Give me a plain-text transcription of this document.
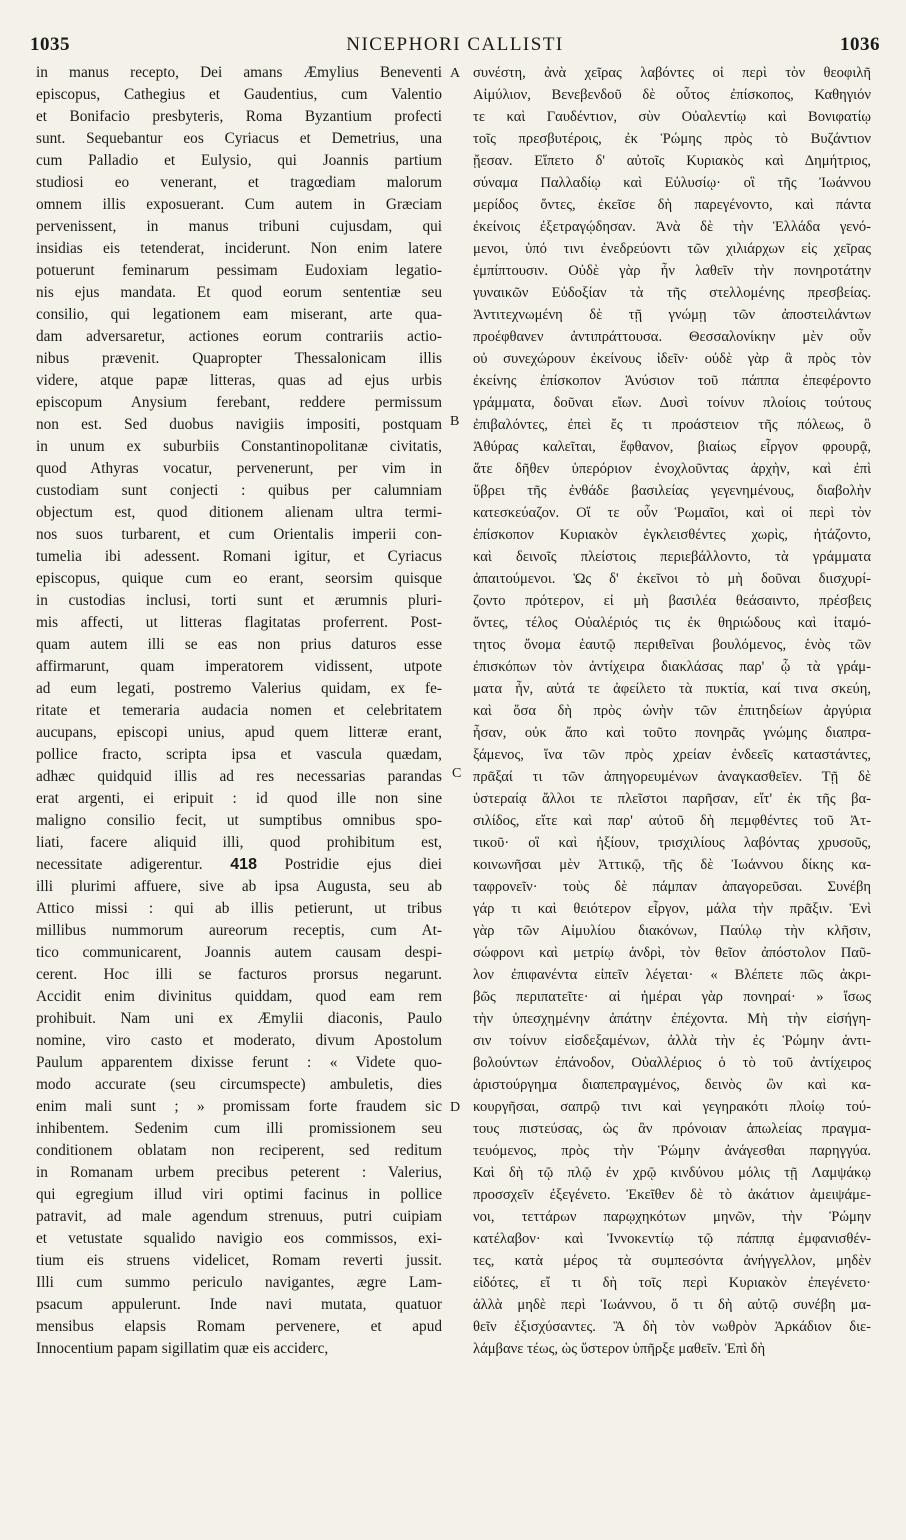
1035	NICEPHORI CALLISTI	1036
A
B
C
D
in manus recepto, Dei amans Æmylius Beneventi
episcopus, Cathegius et Gaudentius, cum Valentio
et Bonifacio presbyteris, Roma Byzantium profecti
sunt. Sequebantur eos Cyriacus et Demetrius, una
cum Palladio et Eulysio, qui Joannis partium
studiosi eo venerant, et tragœdiam malorum
omnem illis exposuerant. Cum autem in Græciam
pervenissent, in manus tribuni cujusdam, qui
insidias eis tetenderat, inciderunt. Non enim latere
potuerunt feminarum pessimam Eudoxiam legatio-
nis ejus mandata. Et quod eorum sententiæ seu
consilio, qui legationem eam miserant, arte qua-
dam adversaretur, actiones eorum contrariis actio-
nibus prævenit. Quapropter Thessalonicam illis
videre, atque papæ litteras, quas ad ejus urbis
episcopum Anysium ferebant, reddere permissum
non est. Sed duobus navigiis impositi, postquam
in unum ex suburbiis Constantinopolitanæ civitatis,
quod Athyras vocatur, pervenerunt, per vim in
custodiam sunt conjecti : quibus per calumniam
objectum est, quod ditionem alienam ultra termi-
nos suos turbarent, et cum Orientalis imperii con-
tumelia ibi adessent. Romani igitur, et Cyriacus
episcopus, quique cum eo erant, seorsim quisque
in custodias inclusi, torti sunt et ærumnis pluri-
mis affecti, ut litteras flagitatas proferrent. Post-
quam autem illi se eas non prius daturos esse
affirmarunt, quam imperatorem vidissent, utpote
ad eum legati, postremo Valerius quidam, ex fe-
ritate et temeraria audacia nomen et celebritatem
aucupans, episcopi unius, apud quem litteræ erant,
pollice fracto, scripta ipsa et vascula quædam,
adhæc quidquid illis ad res necessarias parandas
erat argenti, ei eripuit : id quod ille non sine
maligno consilio fecit, ut sumptibus omnibus spo-
liati, facere aliquid illi, quod prohibitum est,
necessitate adigerentur. 418 Postridie ejus diei
illi plurimi affuere, sive ab ipsa Augusta, seu ab
Attico missi : qui ab illis petierunt, ut tribus
millibus nummorum aureorum receptis, cum At-
tico communicarent, Joannis autem causam despi-
cerent. Hoc illi se facturos prorsus negarunt.
Accidit enim divinitus quiddam, quod eam rem
prohibuit. Nam uni ex Æmylii diaconis, Paulo
nomine, viro casto et moderato, divum Apostolum
Paulum apparentem dixisse ferunt : « Videte quo-
modo accurate (seu circumspecte) ambuletis, dies
enim mali sunt ; » promissam forte fraudem sic
inhibentem. Sedenim cum illi promissionem seu
conditionem oblatam non reciperent, sed reditum
in Romanam urbem precibus peterent : Valerius,
qui egregium illud viri optimi facinus in pollice
patravit, ad male agendum strenuus, putri cuipiam
et vetustate squalido navigio eos commissos, exi-
tium eis struens videlicet, Romam reverti jussit.
Illi cum summo periculo navigantes, ægre Lam-
psacum appulerunt. Inde navi mutata, quatuor
mensibus elapsis Romam pervenere, et apud
Innocentium papam sigillatim quæ eis acciderc,
συνέστη, ἀνὰ χεῖρας λαβόντες οἱ περὶ τὸν θεοφιλῆ
Αἰμύλιον, Βενεβενδοῦ δὲ οὗτος ἐπίσκοπος, Καθηγιόν
τε καὶ Γαυδέντιον, σὺν Οὐαλεντίῳ καὶ Βονιφατίῳ
τοῖς πρεσβυτέροις, ἐκ Ῥώμης πρὸς τὸ Βυζάντιον
ᾔεσαν. Εἵπετο δ' αὐτοῖς Κυριακὸς καὶ Δημήτριος,
σύναμα Παλλαδίῳ καὶ Εὐλυσίῳ· οἳ τῆς Ἰωάννου
μερίδος ὄντες, ἐκεῖσε δὴ παρεγένοντο, καὶ πάντα
ἐκείνοις ἐξετραγῴδησαν. Ἀνὰ δὲ τὴν Ἑλλάδα γενό-
μενοι, ὑπό τινι ἐνεδρεύοντι τῶν χιλιάρχων εἰς χεῖρας
ἐμπίπτουσιν. Οὐδὲ γὰρ ἦν λαθεῖν τὴν πονηροτάτην
γυναικῶν Εὐδοξίαν τὰ τῆς στελλομένης πρεσβείας.
Ἀντιτεχνωμένη δὲ τῇ γνώμῃ τῶν ἀποστειλάντων
προέφθανεν ἀντιπράττουσα. Θεσσαλονίκην μὲν οὖν
οὐ συνεχώρουν ἐκείνους ἰδεῖν· οὐδὲ γὰρ ἃ πρὸς τὸν
ἐκείνης ἐπίσκοπον Ἀνύσιον τοῦ πάππα ἐπεφέροντο
γράμματα, δοῦναι εἴων. Δυσὶ τοίνυν πλοίοις τούτους
ἐπιβαλόντες, ἐπεὶ ἔς τι προάστειον τῆς πόλεως, ὃ
Ἀθύρας καλεῖται, ἔφθανον, βιαίως εἶργον φρουρᾷ,
ἅτε δῆθεν ὑπερόριον ἐνοχλοῦντας ἀρχὴν, καὶ ἐπὶ
ὕβρει τῆς ἐνθάδε βασιλείας γεγενημένους, διαβολὴν
κατεσκεύαζον. Οἵ τε οὖν Ῥωμαῖοι, καὶ οἱ περὶ τὸν
ἐπίσκοπον Κυριακὸν ἐγκλεισθέντες χωρὶς, ἠτάζοντο,
καὶ δεινοῖς πλείστοις περιεβάλλοντο, τὰ γράμματα
ἀπαιτούμενοι. Ὡς δ' ἐκεῖνοι τὸ μὴ δοῦναι διισχυρί-
ζοντο πρότερον, εἰ μὴ βασιλέα θεάσαιντο, πρέσβεις
ὄντες, τέλος Οὐαλέριός τις ἐκ θηριώδους καὶ ἰταμό-
τητος ὄνομα ἑαυτῷ περιθεῖναι βουλόμενος, ἑνὸς τῶν
ἐπισκόπων τὸν ἀντίχειρα διακλάσας παρ' ᾧ τὰ γράμ-
ματα ἦν, αὐτά τε ἀφείλετο τὰ πυκτία, καί τινα σκεύη,
καὶ ὅσα δὴ πρὸς ὠνὴν τῶν ἐπιτηδείων ἀργύρια
ἦσαν, οὐκ ἄπο καὶ τοῦτο πονηρᾶς γνώμης διαπρα-
ξάμενος, ἵνα τῶν πρὸς χρείαν ἐνδεεῖς καταστάντες,
πρᾶξαί τι τῶν ἀπηγορευμένων ἀναγκασθεῖεν. Τῇ δὲ
ὑστεραίᾳ ἄλλοι τε πλεῖστοι παρῆσαν, εἴτ' ἐκ τῆς βα-
σιλίδος, εἴτε καὶ παρ' αὐτοῦ δὴ πεμφθέντες τοῦ Ἀτ-
τικοῦ· οἳ καὶ ἠξίουν, τρισχιλίους λαβόντας χρυσοῦς,
κοινωνῆσαι μὲν Ἀττικῷ, τῆς δὲ Ἰωάννου δίκης κα-
ταφρονεῖν· τοὺς δὲ πάμπαν ἀπαγορεῦσαι. Συνέβη
γάρ τι καὶ θειότερον εἶργον, μάλα τὴν πρᾶξιν. Ἑνὶ
γὰρ τῶν Αἰμυλίου διακόνων, Παύλῳ τὴν κλῆσιν,
σώφρονι καὶ μετρίῳ ἀνδρὶ, τὸν θεῖον ἀπόστολον Παῦ-
λον ἐπιφανέντα εἰπεῖν λέγεται· « Βλέπετε πῶς ἀκρι-
βῶς περιπατεῖτε· αἱ ἡμέραι γὰρ πονηραί· » ἴσως
τὴν ὑπεσχημένην ἀπάτην ἐπέχοντα. Μὴ τὴν εἰσήγη-
σιν τοίνυν εἰσδεξαμένων, ἀλλὰ τὴν ἐς Ῥώμην ἀντι-
βολούντων ἐπάνοδον, Οὐαλλέριος ὁ τὸ τοῦ ἀντίχειρος
ἀριστούργημα διαπεπραγμένος, δεινὸς ὢν καὶ κα-
κουργῆσαι, σαπρῷ τινι καὶ γεγηρακότι πλοίῳ τού-
τους πιστεύσας, ὡς ἂν πρόνοιαν ἀπωλείας πραγμα-
τευόμενος, πρὸς τὴν Ῥώμην ἀνάγεσθαι παρηγγύα.
Καὶ δὴ τῷ πλῷ ἐν χρῷ κινδύνου μόλις τῇ Λαμψάκῳ
προσσχεῖν ἐξεγένετο. Ἐκεῖθεν δὲ τὸ ἀκάτιον ἀμειψάμε-
νοι, τεττάρων παρῳχηκότων μηνῶν, τὴν Ῥώμην
κατέλαβον· καὶ Ἰννοκεντίῳ τῷ πάππᾳ ἐμφανισθέν-
τες, κατὰ μέρος τὰ συμπεσόντα ἀνήγγελλον, μηδὲν
εἰδότες, εἴ τι δὴ τοῖς περὶ Κυριακὸν ἐπεγένετο·
ἀλλὰ μηδὲ περὶ Ἰωάννου, ὅ τι δὴ αὐτῷ συνέβη μα-
θεῖν ἐξισχύσαντες. Ἃ δὴ τὸν νωθρὸν Ἀρκάδιον διε-
λάμβανε τέως, ὡς ὕστερον ὑπῆρξε μαθεῖν. Ἐπὶ δὴ
